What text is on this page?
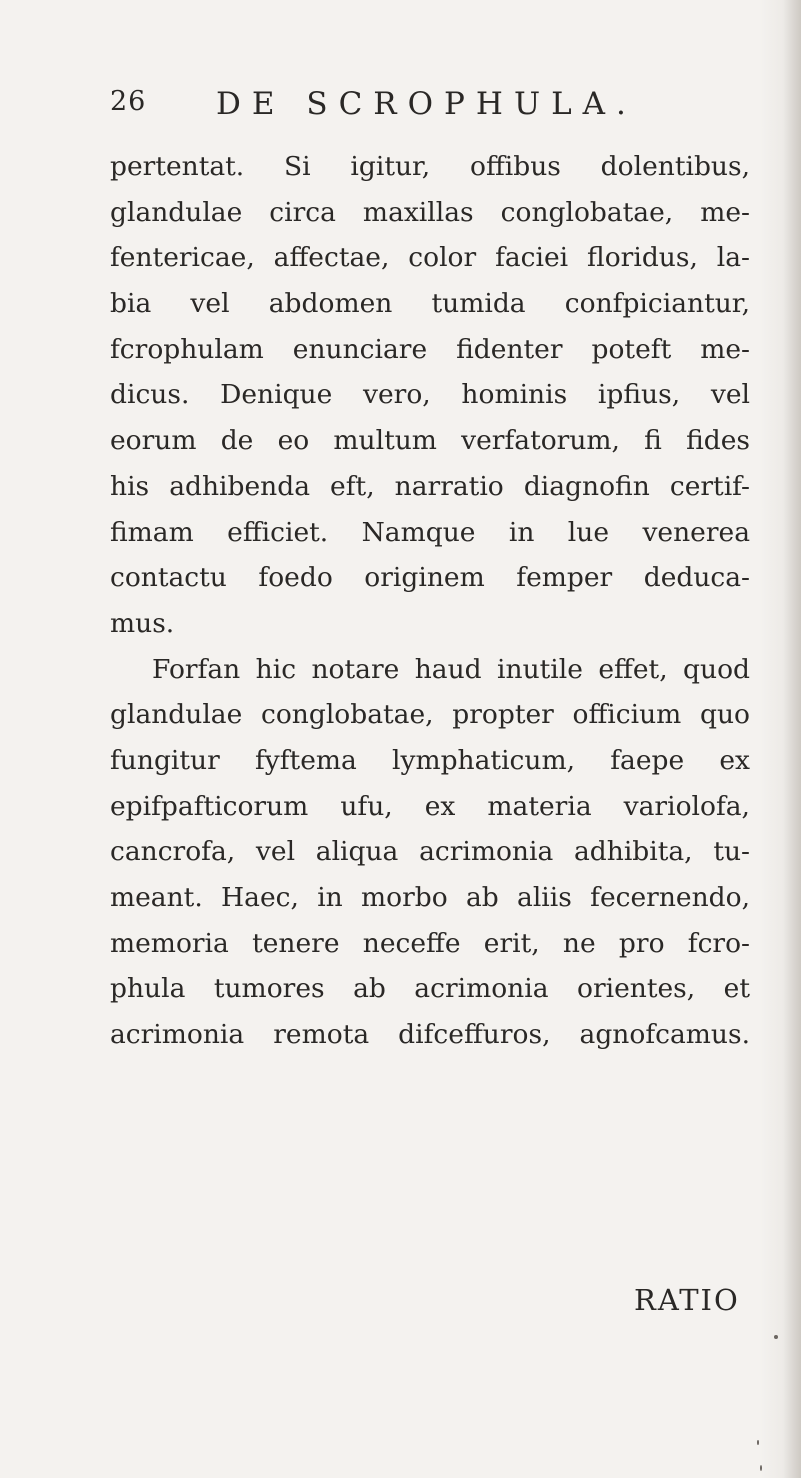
26 DE SCROPHULA.
pertentat. Si igitur, offibus dolentibus,
glandulae circa maxillas conglobatae, me-
fentericae, affectae, color faciei floridus, la-
bia vel abdomen tumida confpiciantur,
fcrophulam enunciare fidenter poteft me-
dicus. Denique vero, hominis ipfius, vel
eorum de eo multum verfatorum, fi fides
his adhibenda eft, narratio diagnofin certif-
fimam efficiet. Namque in lue venerea
contactu foedo originem femper deduca-
mus.
Forfan hic notare haud inutile effet, quod
glandulae conglobatae, propter officium quo
fungitur fyftema lymphaticum, faepe ex
epifpafticorum ufu, ex materia variolofa,
cancrofa, vel aliqua acrimonia adhibita, tu-
meant. Haec, in morbo ab aliis fecernendo,
memoria tenere neceffe erit, ne pro fcro-
phula tumores ab acrimonia orientes, et
acrimonia remota difceffuros, agnofcamus.
RATIO
